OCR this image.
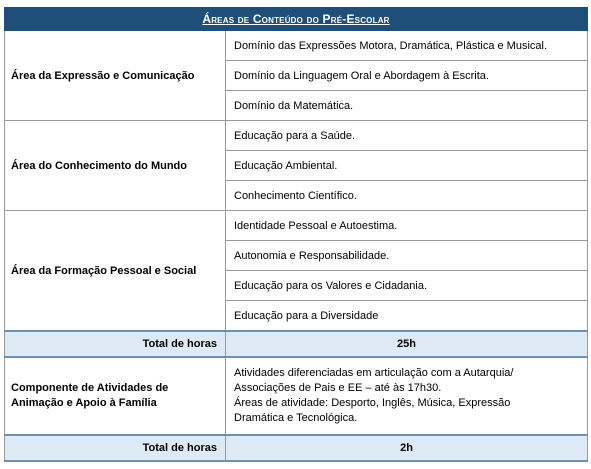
Áreas de Conteúdo do Pré-Escolar	
Área da Expressão e Comunicação	Domínio das Expressões Motora, Dramática, Plástica e Musical.
	Domínio da Linguagem Oral e Abordagem à Escrita.
	Domínio da Matemática.
Área do Conhecimento do Mundo	Educação para a Saúde.
	Educação Ambiental.
	Conhecimento Científico.
Área da Formação Pessoal e Social	Identidade Pessoal e Autoestima.
	Autonomia e Responsabilidade.
	Educação para os Valores e Cidadania.
	Educação para a Diversidade
Total de horas	25h
Componente de Atividades de Animação e Apoio à Família	Atividades diferenciadas em articulação com a Autarquia/
Associações de Pais e EE – até às 17h30.
Áreas de atividade: Desporto, Inglês, Música, Expressão
Dramática e Tecnológica.

Total de horas	2h
